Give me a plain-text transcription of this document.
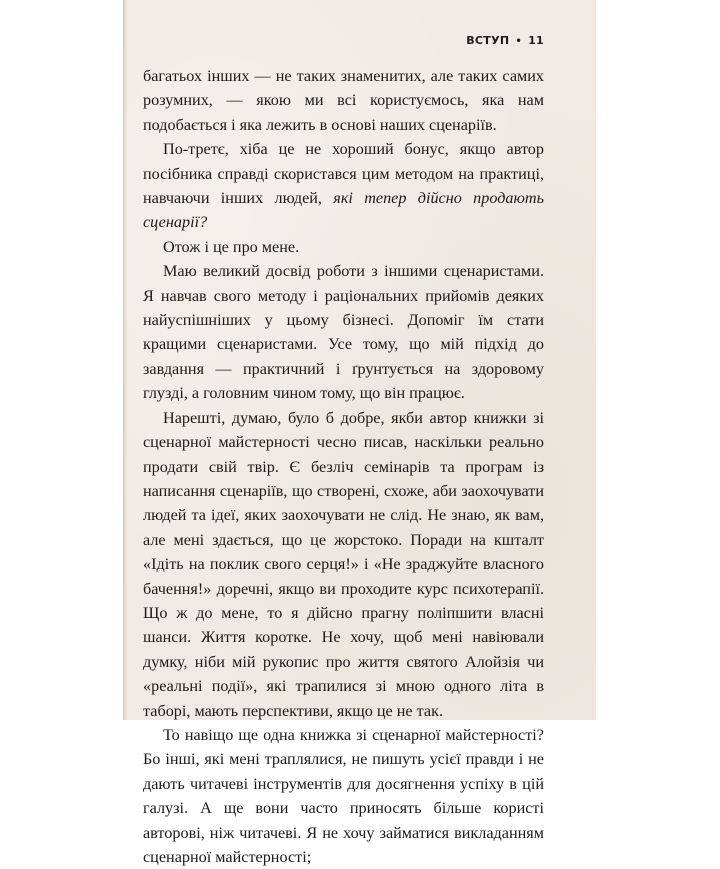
ВСТУП • 11

багатьох інших — не таких знаменитих, але таких самих розумних, — якою ми всі користуємось, яка нам подобається і яка лежить в основі наших сценаріїв.

По-третє, хіба це не хороший бонус, якщо автор посібника справді скористався цим методом на практиці, навчаючи інших людей, які тепер дійсно продають сценарії?

Отож і це про мене.

Маю великий досвід роботи з іншими сценаристами. Я навчав свого методу і раціональних прийомів деяких найуспішніших у цьому бізнесі. Допоміг їм стати кращими сценаристами. Усе тому, що мій підхід до завдання — практичний і ґрунтується на здоровому глузді, а головним чином тому, що він працює.

Нарешті, думаю, було б добре, якби автор книжки зі сценарної майстерності чесно писав, наскільки реально продати свій твір. Є безліч семінарів та програм із написання сценаріїв, що створені, схоже, аби заохочувати людей та ідеї, яких заохочувати не слід. Не знаю, як вам, але мені здається, що це жорстоко. Поради на кшталт «Ідіть на поклик свого серця!» і «Не зраджуйте власного бачення!» доречні, якщо ви проходите курс психотерапії. Що ж до мене, то я дійсно прагну поліпшити власні шанси. Життя коротке. Не хочу, щоб мені навіювали думку, ніби мій рукопис про життя святого Алойзія чи «реальні події», які трапилися зі мною одного літа в таборі, мають перспективи, якщо це не так.

То навіщо ще одна книжка зі сценарної майстерності? Бо інші, які мені траплялися, не пишуть усієї правди і не дають читачеві інструментів для досягнення успіху в цій галузі. А ще вони часто приносять більше користі авторові, ніж читачеві. Я не хочу займатися викладанням сценарної майстерності;
